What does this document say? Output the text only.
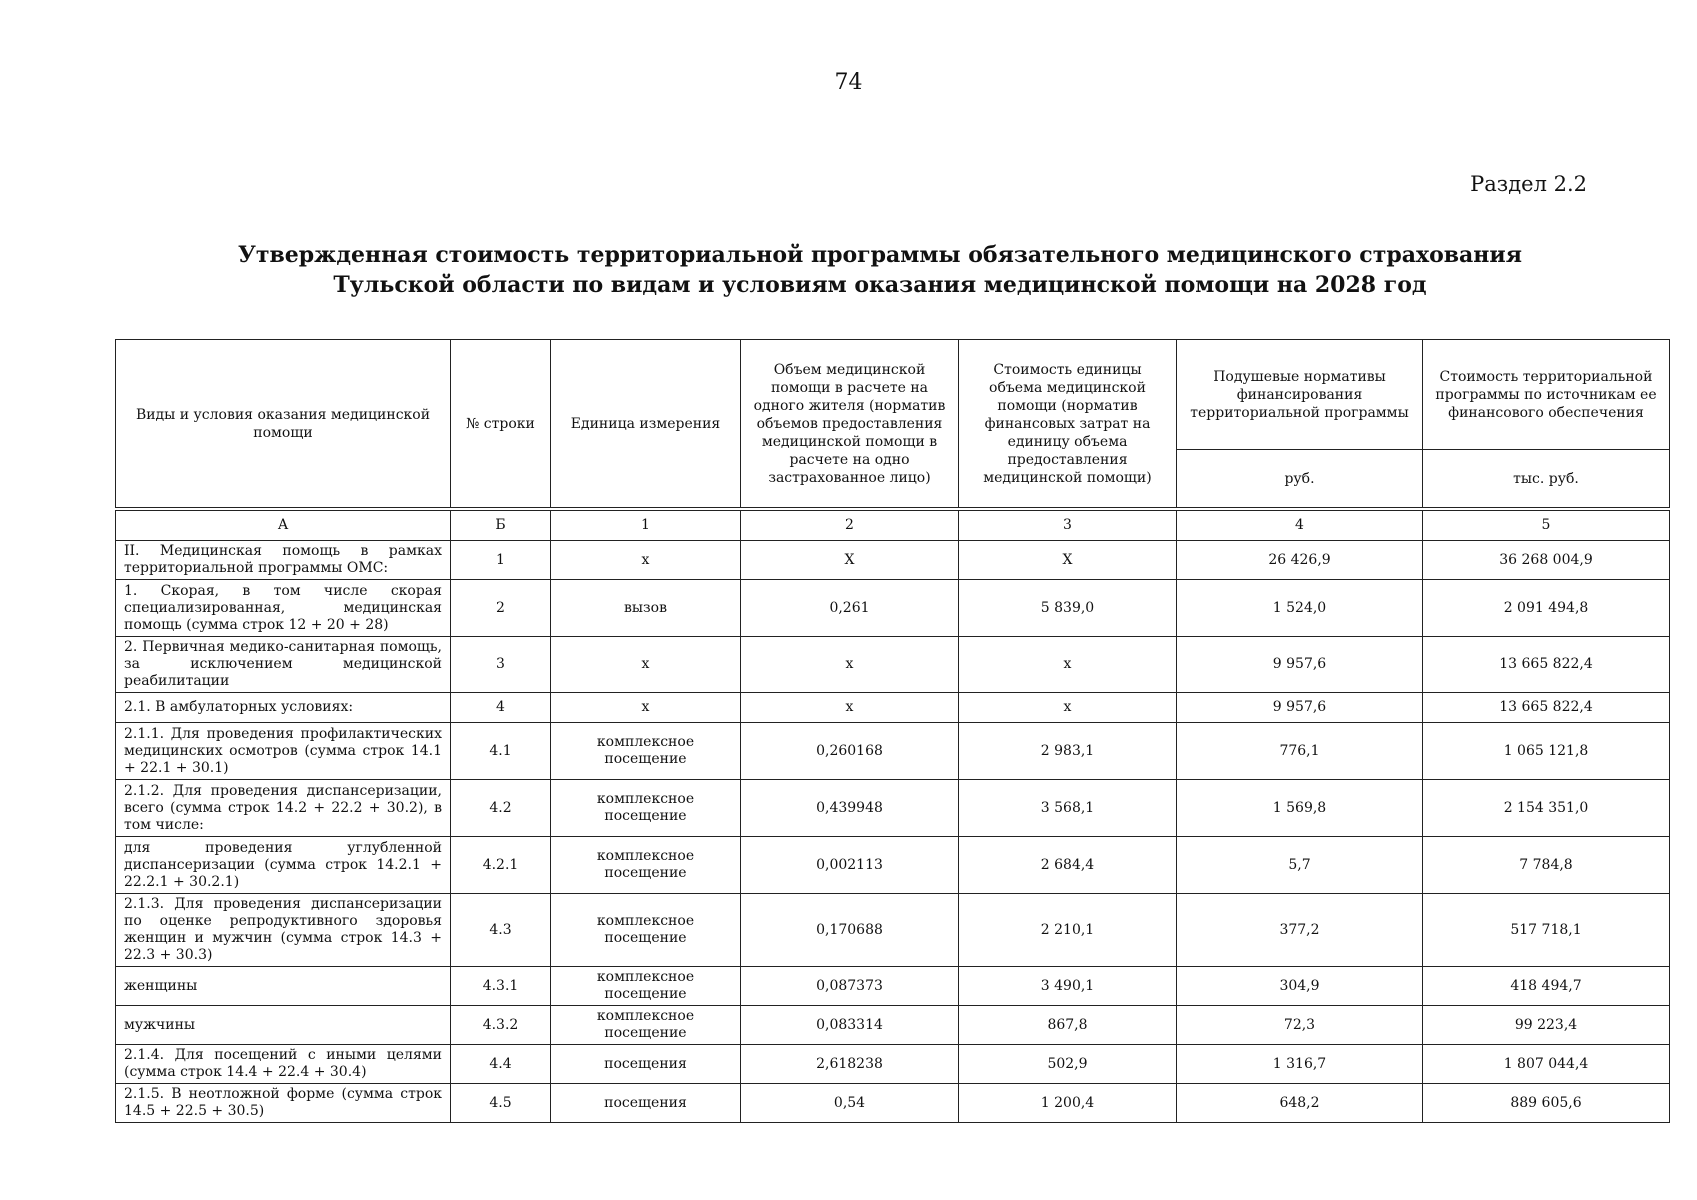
74
Раздел 2.2
Утвержденная стоимость территориальной программы обязательного медицинского страхования
Тульской области по видам и условиям оказания медицинской помощи на 2028 год
Виды и условия оказания медицинской помощи	№ строки	Единица измерения	Объем медицинской помощи в расчете на одного жителя (норматив объемов предоставления медицинской помощи в расчете на одно застрахованное лицо)	Стоимость единицы объема медицинской помощи (норматив финансовых затрат на единицу объема предоставления медицинской помощи)	Подушевые нормативы финансирования территориальной программы	Стоимость территориальной программы по источникам ее финансового обеспечения
					руб.	тыс. руб.

А	Б	1	2	3	4	5
II. Медицинская помощь в рамках территориальной программы ОМС:	1	х	Х	Х	26 426,9	36 268 004,9
1. Скорая, в том числе скорая специализированная, медицинская помощь (сумма строк 12 + 20 + 28)	2	вызов	0,261	5 839,0	1 524,0	2 091 494,8
2. Первичная медико-санитарная помощь, за исключением медицинской реабилитации	3	х	х	х	9 957,6	13 665 822,4
2.1. В амбулаторных условиях:	4	х	х	х	9 957,6	13 665 822,4
2.1.1. Для проведения профилактических медицинских осмотров (сумма строк 14.1 + 22.1 + 30.1)	4.1	комплексное посещение	0,260168	2 983,1	776,1	1 065 121,8
2.1.2. Для проведения диспансеризации, всего (сумма строк 14.2 + 22.2 + 30.2), в том числе:	4.2	комплексное посещение	0,439948	3 568,1	1 569,8	2 154 351,0
для проведения углубленной диспансеризации (сумма строк 14.2.1 + 22.2.1 + 30.2.1)	4.2.1	комплексное посещение	0,002113	2 684,4	5,7	7 784,8
2.1.3. Для проведения диспансеризации по оценке репродуктивного здоровья женщин и мужчин (сумма строк 14.3 + 22.3 + 30.3)	4.3	комплексное посещение	0,170688	2 210,1	377,2	517 718,1
женщины	4.3.1	комплексное посещение	0,087373	3 490,1	304,9	418 494,7
мужчины	4.3.2	комплексное посещение	0,083314	867,8	72,3	99 223,4
2.1.4. Для посещений с иными целями (сумма строк 14.4 + 22.4 + 30.4)	4.4	посещения	2,618238	502,9	1 316,7	1 807 044,4
2.1.5. В неотложной форме (сумма строк 14.5 + 22.5 + 30.5)	4.5	посещения	0,54	1 200,4	648,2	889 605,6
